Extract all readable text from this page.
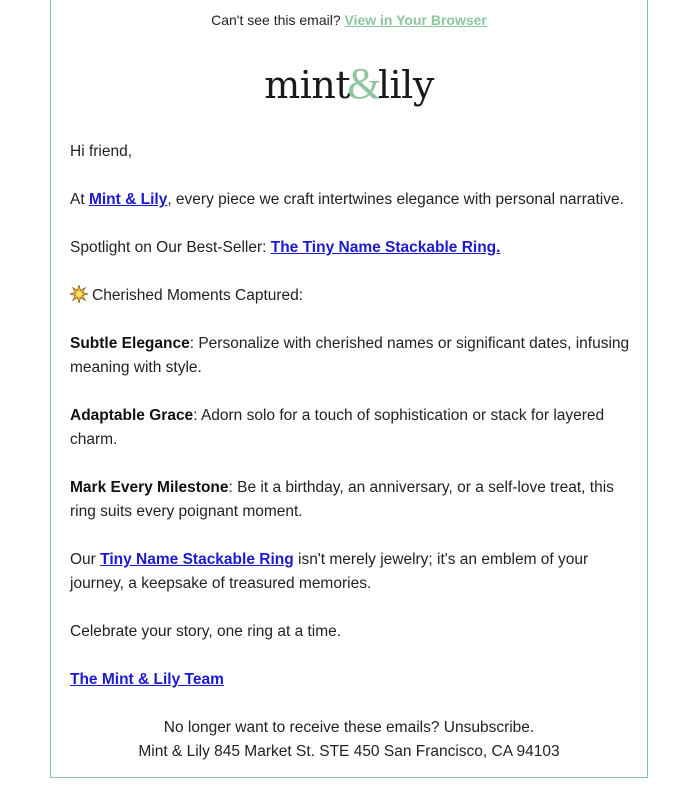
Can't see this email? View in Your Browser
mint&lily

Hi friend,

At Mint & Lily, every piece we craft intertwines elegance with personal narrative.

Spotlight on Our Best-Seller: The Tiny Name Stackable Ring.

Cherished Moments Captured:

Subtle Elegance: Personalize with cherished names or significant dates, infusing meaning with style.

Adaptable Grace: Adorn solo for a touch of sophistication or stack for layered charm.

Mark Every Milestone: Be it a birthday, an anniversary, or a self-love treat, this ring suits every poignant moment.

Our Tiny Name Stackable Ring isn't merely jewelry; it's an emblem of your journey, a keepsake of treasured memories.

Celebrate your story, one ring at a time.

The Mint & Lily Team

No longer want to receive these emails? Unsubscribe.
Mint & Lily 845 Market St. STE 450 San Francisco, CA 94103
